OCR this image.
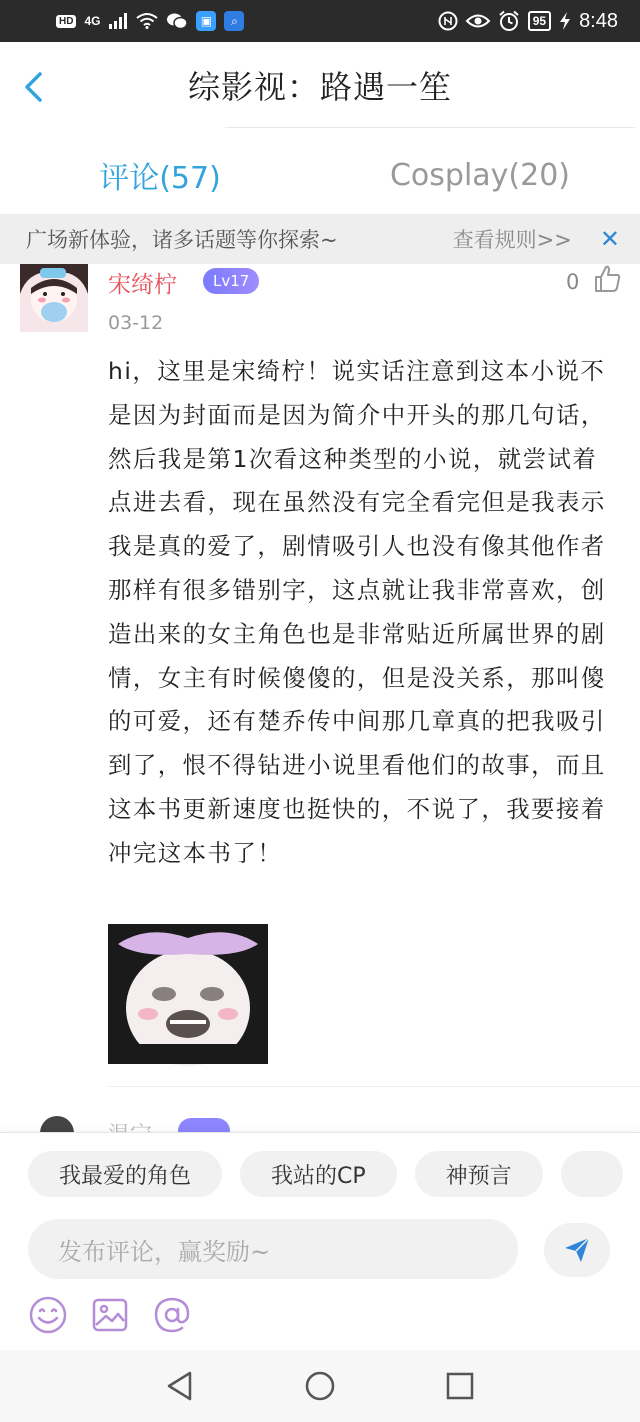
HD 4G	▣	⌕	95 8:48
综影视：路遇一笙
评论(57)	Cosplay(20)
广场新体验，诸多话题等你探索~	查看规则>> ✕
宋绮柠	Lv17	0
03-12
hi，这里是宋绮柠！说实话注意到这本小说不是因为封面而是因为简介中开头的那几句话，然后我是第1次看这种类型的小说，就尝试着点进去看，现在虽然没有完全看完但是我表示我是真的爱了，剧情吸引人也没有像其他作者那样有很多错别字，这点就让我非常喜欢，创造出来的女主角色也是非常贴近所属世界的剧情，女主有时候傻傻的，但是没关系，那叫傻的可爱，还有楚乔传中间那几章真的把我吸引到了，恨不得钻进小说里看他们的故事，而且这本书更新速度也挺快的，不说了，我要接着冲完这本书了！
我最爱的角色	我站的CP	神预言
发布评论，赢奖励~
